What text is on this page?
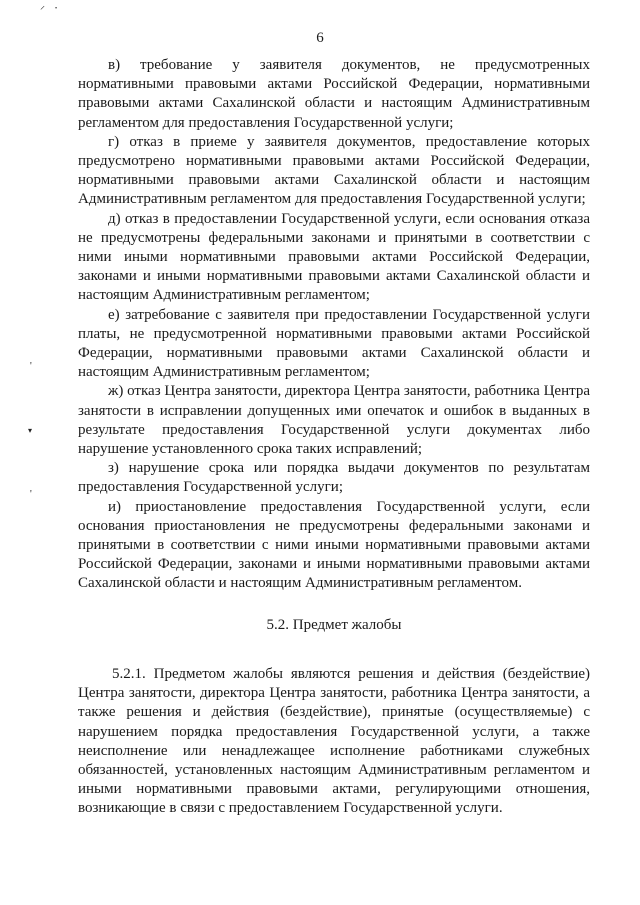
⸍ •
'
▾
'
6

в) требование у заявителя документов, не предусмотренных нормативными правовыми актами Российской Федерации, нормативными правовыми актами Сахалинской области и настоящим Административным регламентом для предоставления Государственной услуги;

г) отказ в приеме у заявителя документов, предоставление которых предусмотрено нормативными правовыми актами Российской Федерации, нормативными правовыми актами Сахалинской области и настоящим Административным регламентом для предоставления Государственной услуги;

д) отказ в предоставлении Государственной услуги, если основания отказа не предусмотрены федеральными законами и принятыми в соответствии с ними иными нормативными правовыми актами Российской Федерации, законами и иными нормативными правовыми актами Сахалинской области и настоящим Административным регламентом;

е) затребование с заявителя при предоставлении Государственной услуги платы, не предусмотренной нормативными правовыми актами Российской Федерации, нормативными правовыми актами Сахалинской области и настоящим Административным регламентом;

ж) отказ Центра занятости, директора Центра занятости, работника Центра занятости в исправлении допущенных ими опечаток и ошибок в выданных в результате предоставления Государственной услуги документах либо нарушение установленного срока таких исправлений;

з) нарушение срока или порядка выдачи документов по результатам предоставления Государственной услуги;

и) приостановление предоставления Государственной услуги, если основания приостановления не предусмотрены федеральными законами и принятыми в соответствии с ними иными нормативными правовыми актами Российской Федерации, законами и иными нормативными правовыми актами Сахалинской области и настоящим Административным регламентом.

5.2. Предмет жалобы

5.2.1. Предметом жалобы являются решения и действия (бездействие) Центра занятости, директора Центра занятости, работника Центра занятости, а также решения и действия (бездействие), принятые (осуществляемые) с нарушением порядка предоставления Государственной услуги, а также неисполнение или ненадлежащее исполнение работниками служебных обязанностей, установленных настоящим Административным регламентом и иными нормативными правовыми актами, регулирующими отношения, возникающие в связи с предоставлением Государственной услуги.
